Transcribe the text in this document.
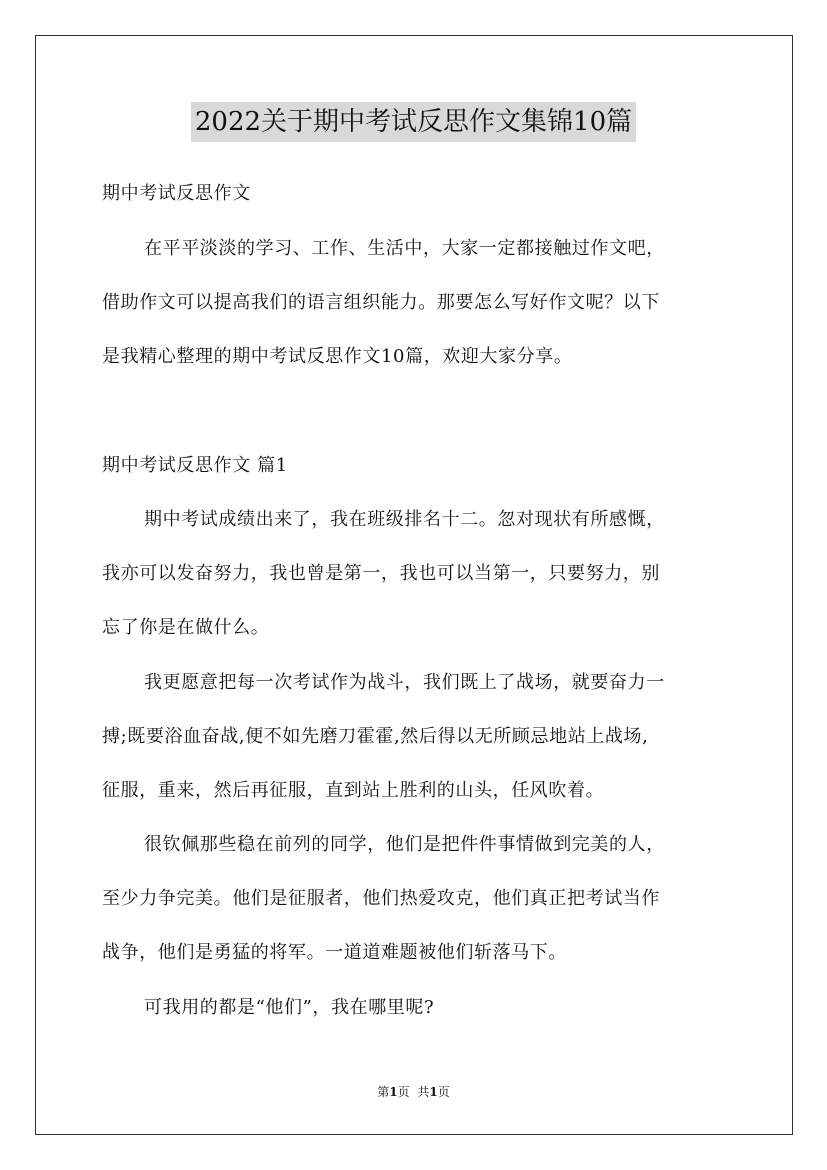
2022关于期中考试反思作文集锦10篇
期中考试反思作文
在平平淡淡的学习、工作、生活中，大家一定都接触过作文吧，
借助作文可以提高我们的语言组织能力。那要怎么写好作文呢？以下
是我精心整理的期中考试反思作文10篇，欢迎大家分享。
期中考试反思作文 篇1
期中考试成绩出来了，我在班级排名十二。忽对现状有所感慨，
我亦可以发奋努力，我也曾是第一，我也可以当第一，只要努力，别
忘了你是在做什么。
我更愿意把每一次考试作为战斗，我们既上了战场，就要奋力一
搏;既要浴血奋战,便不如先磨刀霍霍,然后得以无所顾忌地站上战场,
征服，重来，然后再征服，直到站上胜利的山头，任风吹着。
很钦佩那些稳在前列的同学，他们是把件件事情做到完美的人，
至少力争完美。他们是征服者，他们热爱攻克，他们真正把考试当作
战争，他们是勇猛的将军。一道道难题被他们斩落马下。
可我用的都是“他们”，我在哪里呢?
第1页 共1页
